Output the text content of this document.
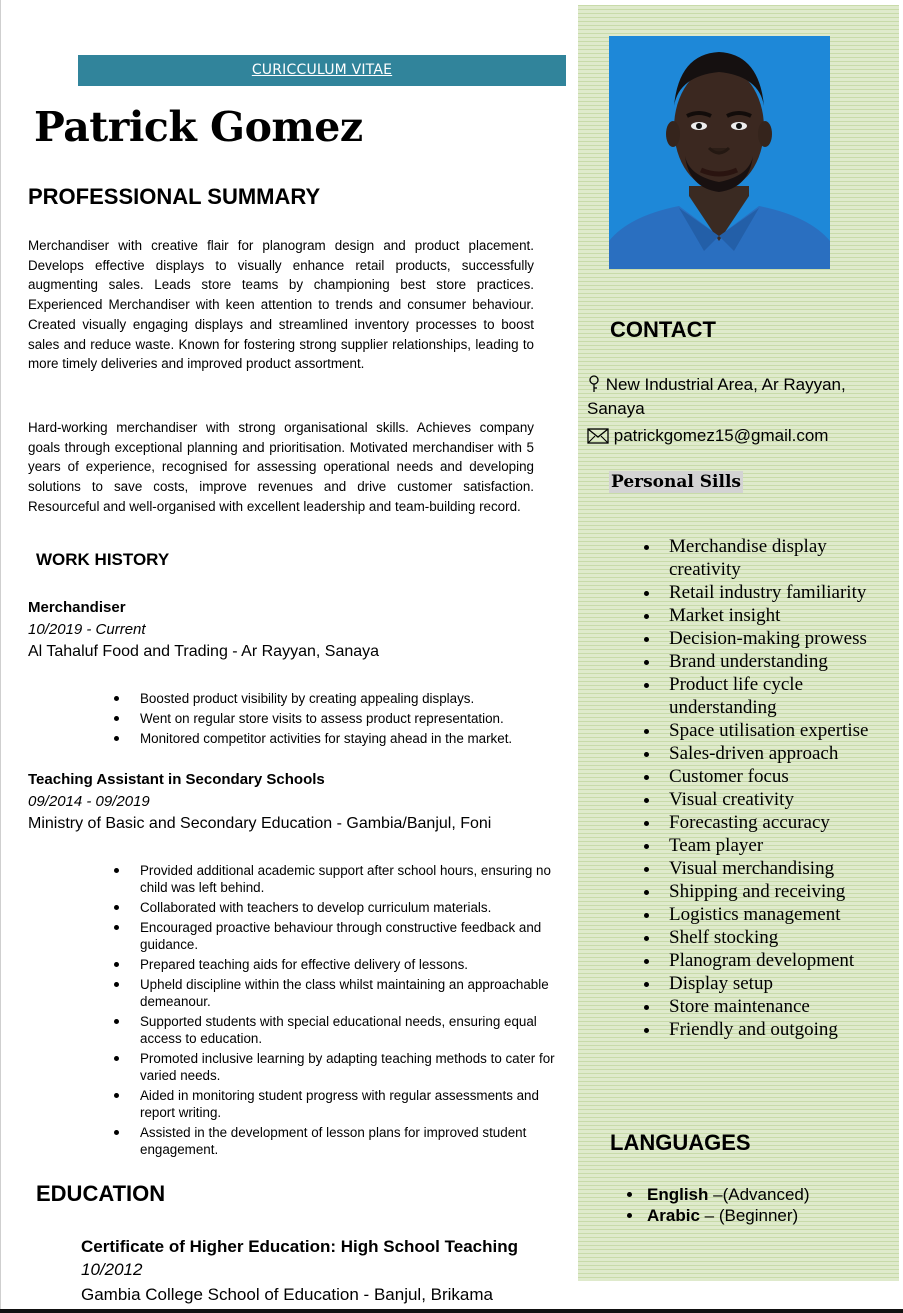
CURICCULUM VITAE
Patrick Gomez
PROFESSIONAL SUMMARY

Merchandiser with creative flair for planogram design and product placement. Develops effective displays to visually enhance retail products, successfully augmenting sales. Leads store teams by championing best store practices. Experienced Merchandiser with keen attention to trends and consumer behaviour. Created visually engaging displays and streamlined inventory processes to boost sales and reduce waste. Known for fostering strong supplier relationships, leading to more timely deliveries and improved product assortment.

Hard-working merchandiser with strong organisational skills. Achieves company goals through exceptional planning and prioritisation. Motivated merchandiser with 5 years of experience, recognised for assessing operational needs and developing solutions to save costs, improve revenues and drive customer satisfaction. Resourceful and well-organised with excellent leadership and team-building record.

WORK HISTORY
Merchandiser
10/2019 - Current
Al Tahaluf Food and Trading - Ar Rayyan, Sanaya
Boosted product visibility by creating appealing displays.
Went on regular store visits to assess product representation.
Monitored competitor activities for staying ahead in the market.
Teaching Assistant in Secondary Schools
09/2014 - 09/2019
Ministry of Basic and Secondary Education - Gambia/Banjul, Foni
Provided additional academic support after school hours, ensuring no child was left behind.
Collaborated with teachers to develop curriculum materials.
Encouraged proactive behaviour through constructive feedback and guidance.
Prepared teaching aids for effective delivery of lessons.
Upheld discipline within the class whilst maintaining an approachable demeanour.
Supported students with special educational needs, ensuring equal access to education.
Promoted inclusive learning by adapting teaching methods to cater for varied needs.
Aided in monitoring student progress with regular assessments and report writing.
Assisted in the development of lesson plans for improved student engagement.
EDUCATION
Certificate of Higher Education: High School Teaching
10/2012
Gambia College School of Education - Banjul, Brikama
CONTACT
New Industrial Area, Ar Rayyan, Sanaya
patrickgomez15@gmail.com
Personal Sills
Merchandise display creativity
Retail industry familiarity
Market insight
Decision-making prowess
Brand understanding
Product life cycle understanding
Space utilisation expertise
Sales-driven approach
Customer focus
Visual creativity
Forecasting accuracy
Team player
Visual merchandising
Shipping and receiving
Logistics management
Shelf stocking
Planogram development
Display setup
Store maintenance
Friendly and outgoing
LANGUAGES
English –(Advanced)
Arabic – (Beginner)
